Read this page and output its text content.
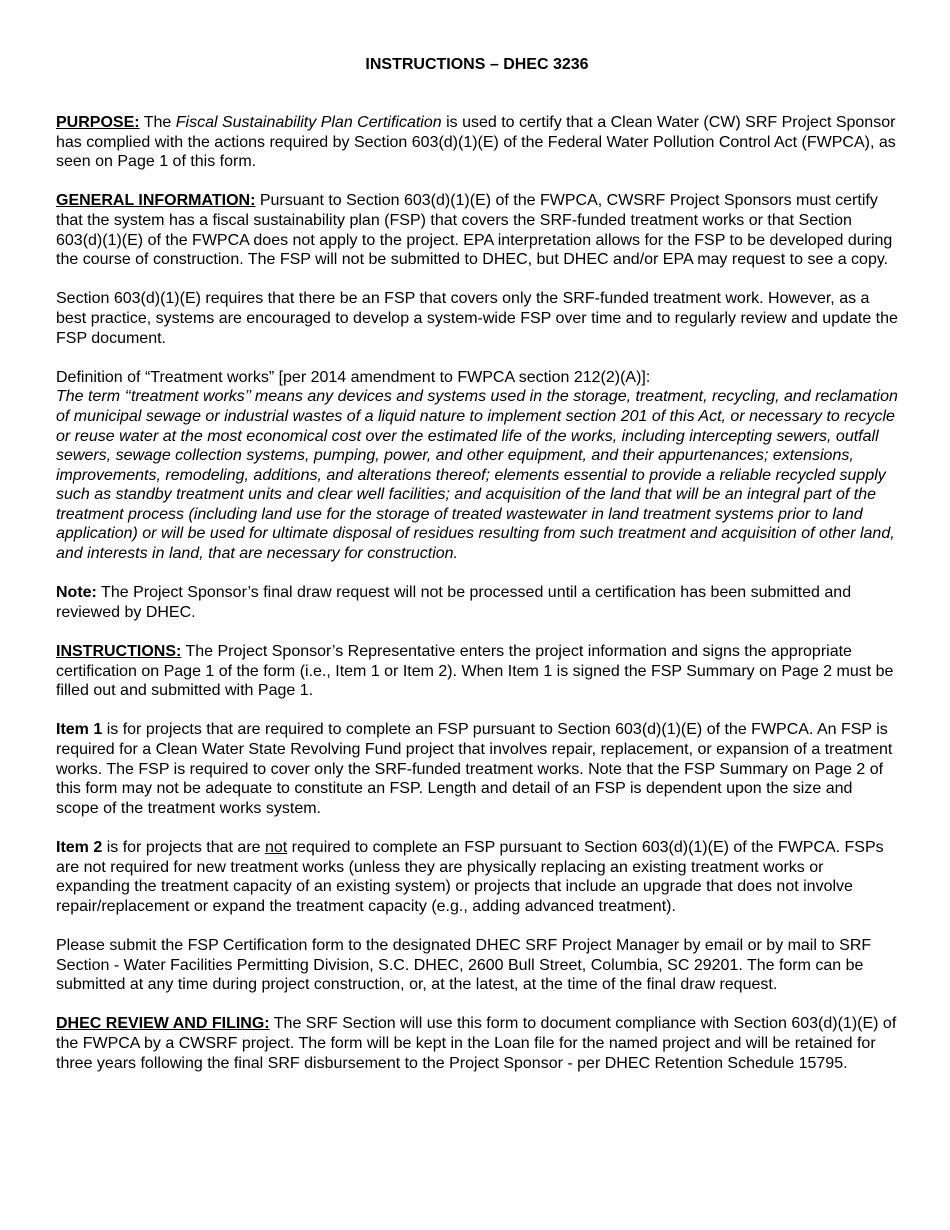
INSTRUCTIONS – DHEC 3236

PURPOSE: The Fiscal Sustainability Plan Certification is used to certify that a Clean Water (CW) SRF Project Sponsor has complied with the actions required by Section 603(d)(1)(E) of the Federal Water Pollution Control Act (FWPCA), as seen on Page 1 of this form.

GENERAL INFORMATION: Pursuant to Section 603(d)(1)(E) of the FWPCA, CWSRF Project Sponsors must certify that the system has a fiscal sustainability plan (FSP) that covers the SRF-funded treatment works or that Section 603(d)(1)(E) of the FWPCA does not apply to the project. EPA interpretation allows for the FSP to be developed during the course of construction. The FSP will not be submitted to DHEC, but DHEC and/or EPA may request to see a copy.

Section 603(d)(1)(E) requires that there be an FSP that covers only the SRF-funded treatment work. However, as a best practice, systems are encouraged to develop a system-wide FSP over time and to regularly review and update the FSP document.

Definition of “Treatment works” [per 2014 amendment to FWPCA section 212(2)(A)]:

The term ‘‘treatment works’’ means any devices and systems used in the storage, treatment, recycling, and reclamation of municipal sewage or industrial wastes of a liquid nature to implement section 201 of this Act, or necessary to recycle or reuse water at the most economical cost over the estimated life of the works, including intercepting sewers, outfall sewers, sewage collection systems, pumping, power, and other equipment, and their appurtenances; extensions, improvements, remodeling, additions, and alterations thereof; elements essential to provide a reliable recycled supply such as standby treatment units and clear well facilities; and acquisition of the land that will be an integral part of the treatment process (including land use for the storage of treated wastewater in land treatment systems prior to land application) or will be used for ultimate disposal of residues resulting from such treatment and acquisition of other land, and interests in land, that are necessary for construction.

Note: The Project Sponsor’s final draw request will not be processed until a certification has been submitted and reviewed by DHEC.

INSTRUCTIONS: The Project Sponsor’s Representative enters the project information and signs the appropriate certification on Page 1 of the form (i.e., Item 1 or Item 2). When Item 1 is signed the FSP Summary on Page 2 must be filled out and submitted with Page 1.

Item 1 is for projects that are required to complete an FSP pursuant to Section 603(d)(1)(E) of the FWPCA. An FSP is required for a Clean Water State Revolving Fund project that involves repair, replacement, or expansion of a treatment works. The FSP is required to cover only the SRF-funded treatment works. Note that the FSP Summary on Page 2 of this form may not be adequate to constitute an FSP. Length and detail of an FSP is dependent upon the size and scope of the treatment works system.

Item 2 is for projects that are not required to complete an FSP pursuant to Section 603(d)(1)(E) of the FWPCA. FSPs are not required for new treatment works (unless they are physically replacing an existing treatment works or expanding the treatment capacity of an existing system) or projects that include an upgrade that does not involve repair/replacement or expand the treatment capacity (e.g., adding advanced treatment).

Please submit the FSP Certification form to the designated DHEC SRF Project Manager by email or by mail to SRF Section - Water Facilities Permitting Division, S.C. DHEC, 2600 Bull Street, Columbia, SC 29201. The form can be submitted at any time during project construction, or, at the latest, at the time of the final draw request.

DHEC REVIEW AND FILING: The SRF Section will use this form to document compliance with Section 603(d)(1)(E) of the FWPCA by a CWSRF project. The form will be kept in the Loan file for the named project and will be retained for three years following the final SRF disbursement to the Project Sponsor - per DHEC Retention Schedule 15795.
